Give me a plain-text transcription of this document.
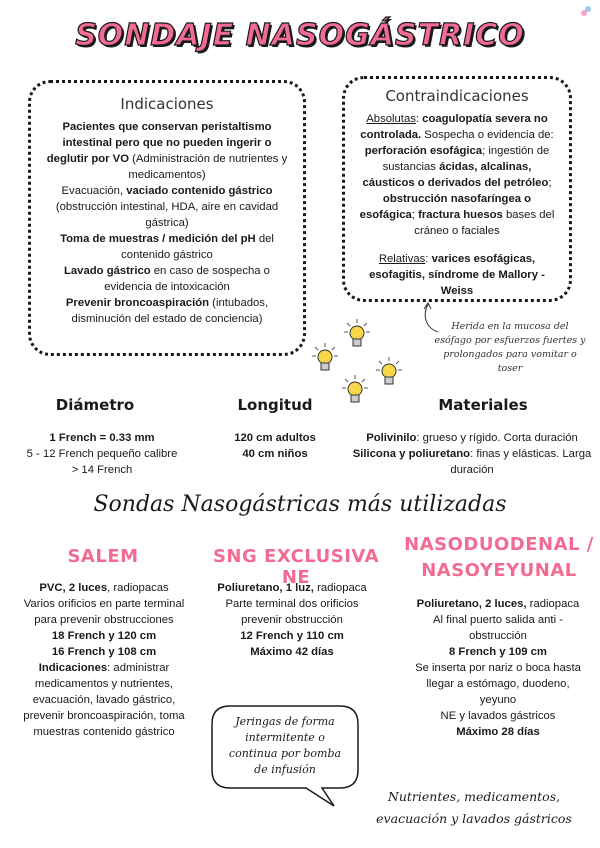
SONDAJE NASOGÁSTRICO
Indicaciones

Pacientes que conservan peristaltismo intestinal pero que no pueden ingerir o deglutir por VO (Administración de nutrientes y medicamentos)

Evacuación, vaciado contenido gástrico (obstrucción intestinal, HDA, aire en cavidad gástrica)

Toma de muestras / medición del pH del contenido gástrico

Lavado gástrico en caso de sospecha o evidencia de intoxicación

Prevenir broncoaspiración (intubados, disminución del estado de conciencia)

Contraindicaciones

Absolutas: coagulopatía severa no controlada. Sospecha o evidencia de: perforación esofágica; ingestión de sustancias ácidas, alcalinas, cáusticos o derivados del petróleo; obstrucción nasofaríngea o esofágica; fractura huesos bases del cráneo o faciales

Relativas: varices esofágicas, esofagitis, síndrome de Mallory - Weiss

Herida en la mucosa del esófago por esfuerzos fuertes y prolongados para vomitar o toser
Diámetro

1 French = 0.33 mm

5 - 12 French pequeño calibre

> 14 French

Longitud

120 cm adultos

40 cm niños

Materiales

Polivinilo: grueso y rígido. Corta duración

Silicona y poliuretano: finas y elásticas. Larga duración

Sondas Nasogástricas más utilizadas
SALEM

PVC, 2 luces, radiopacas

Varios orificios en parte terminal para prevenir obstrucciones

18 French y 120 cm

16 French y 108 cm

Indicaciones: administrar medicamentos y nutrientes, evacuación, lavado gástrico, prevenir broncoaspiración, toma muestras contenido gástrico

SNG EXCLUSIVA NE

Poliuretano, 1 luz, radiopaca

Parte terminal dos orificios prevenir obstrucción

12 French y 110 cm

Máximo 42 días

NASODUODENAL /
NASOYEYUNAL

Poliuretano, 2 luces, radiopaca

Al final puerto salida anti - obstrucción

8 French y 109 cm

Se inserta por nariz o boca hasta llegar a estómago, duodeno, yeyuno

NE y lavados gástricos

Máximo 28 días

Jeringas de forma intermitente o continua por bomba de infusión
Nutrientes, medicamentos, evacuación y lavados gástricos
